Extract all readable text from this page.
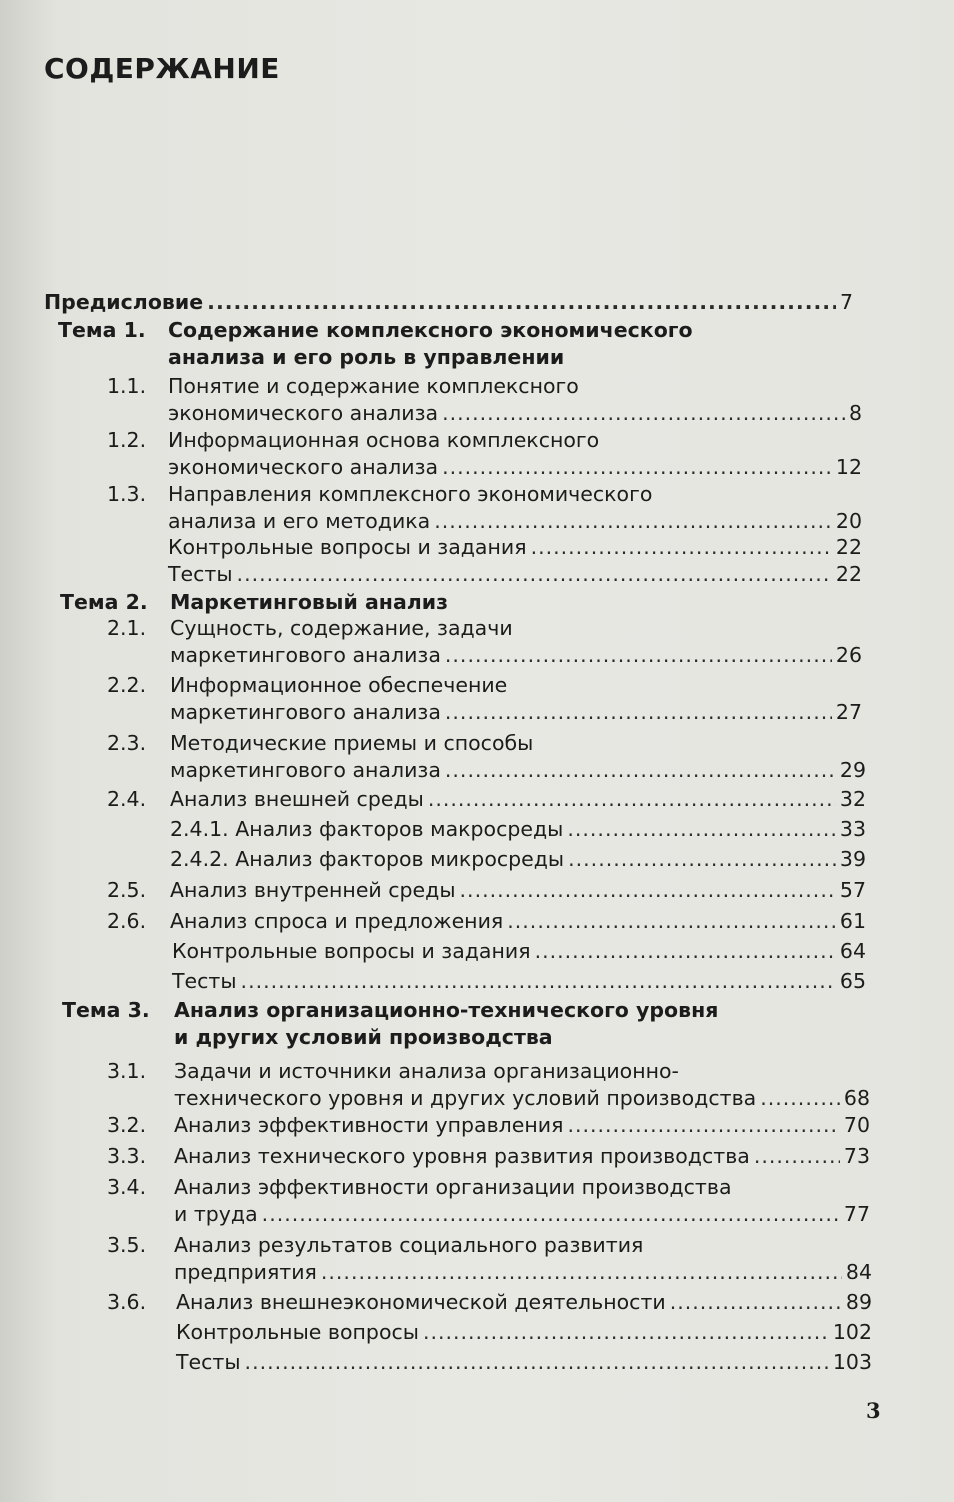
СОДЕРЖАНИЕ
Предисловие .....	7
Тема 1. Содержание комплексного экономического
анализа и его роль в управлении
1.1. Понятие и содержание комплексного
экономического анализа .....	8
1.2. Информационная основа комплексного
экономического анализа .....	12
1.3. Направления комплексного экономического
анализа и его методика .....	20
Контрольные вопросы и задания .....	22
Тесты .....	22
Тема 2. Маркетинговый анализ
2.1. Сущность, содержание, задачи
маркетингового анализа .....	26
2.2. Информационное обеспечение
маркетингового анализа .....	27
2.3. Методические приемы и способы
маркетингового анализа .....	29
2.4. Анализ внешней среды .....	32
2.4.1. Анализ факторов макросреды .....	33
2.4.2. Анализ факторов микросреды .....	39
2.5. Анализ внутренней среды .....	57
2.6. Анализ спроса и предложения .....	61
Контрольные вопросы и задания .....	64
Тесты .....	65
Тема 3. Анализ организационно-технического уровня
и других условий производства
3.1. Задачи и источники анализа организационно-
технического уровня и других условий производства .....	68
3.2. Анализ эффективности управления .....	70
3.3. Анализ технического уровня развития производства .....	73
3.4. Анализ эффективности организации производства
и труда .....	77
3.5. Анализ результатов социального развития
предприятия .....	84
3.6. Анализ внешнеэкономической деятельности .....	89
Контрольные вопросы .....	102
Тесты .....	103
3
